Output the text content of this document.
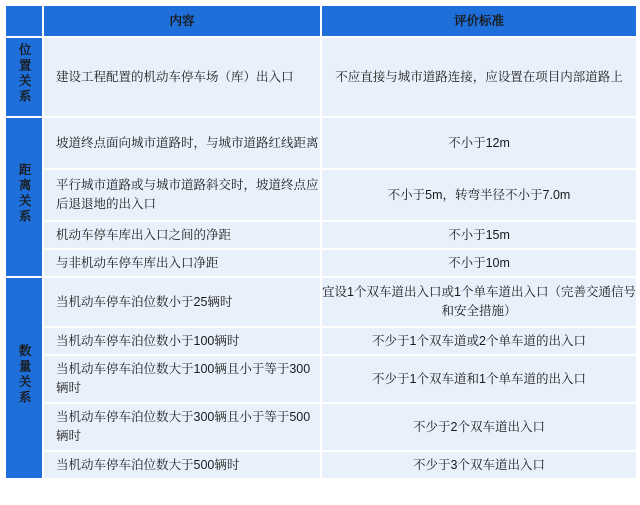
	内容	评价标准
位置关系	建设工程配置的机动车停车场（库）出入口	不应直接与城市道路连接，应设置在项目内部道路上
距离关系	坡道终点面向城市道路时，与城市道路红线距离	不小于12m
	平行城市道路或与城市道路斜交时，坡道终点应后退退地的出入口	不小于5m，转弯半径不小于7.0m
	机动车停车库出入口之间的净距	不小于15m
	与非机动车停车库出入口净距	不小于10m
数量关系	当机动车停车泊位数小于25辆时	宜设1个双车道出入口或1个单车道出入口（完善交通信号和安全措施）
	当机动车停车泊位数小于100辆时	不少于1个双车道或2个单车道的出入口
	当机动车停车泊位数大于100辆且小于等于300辆时	不少于1个双车道和1个单车道的出入口
	当机动车停车泊位数大于300辆且小于等于500辆时	不少于2个双车道出入口
	当机动车停车泊位数大于500辆时	不少于3个双车道出入口
